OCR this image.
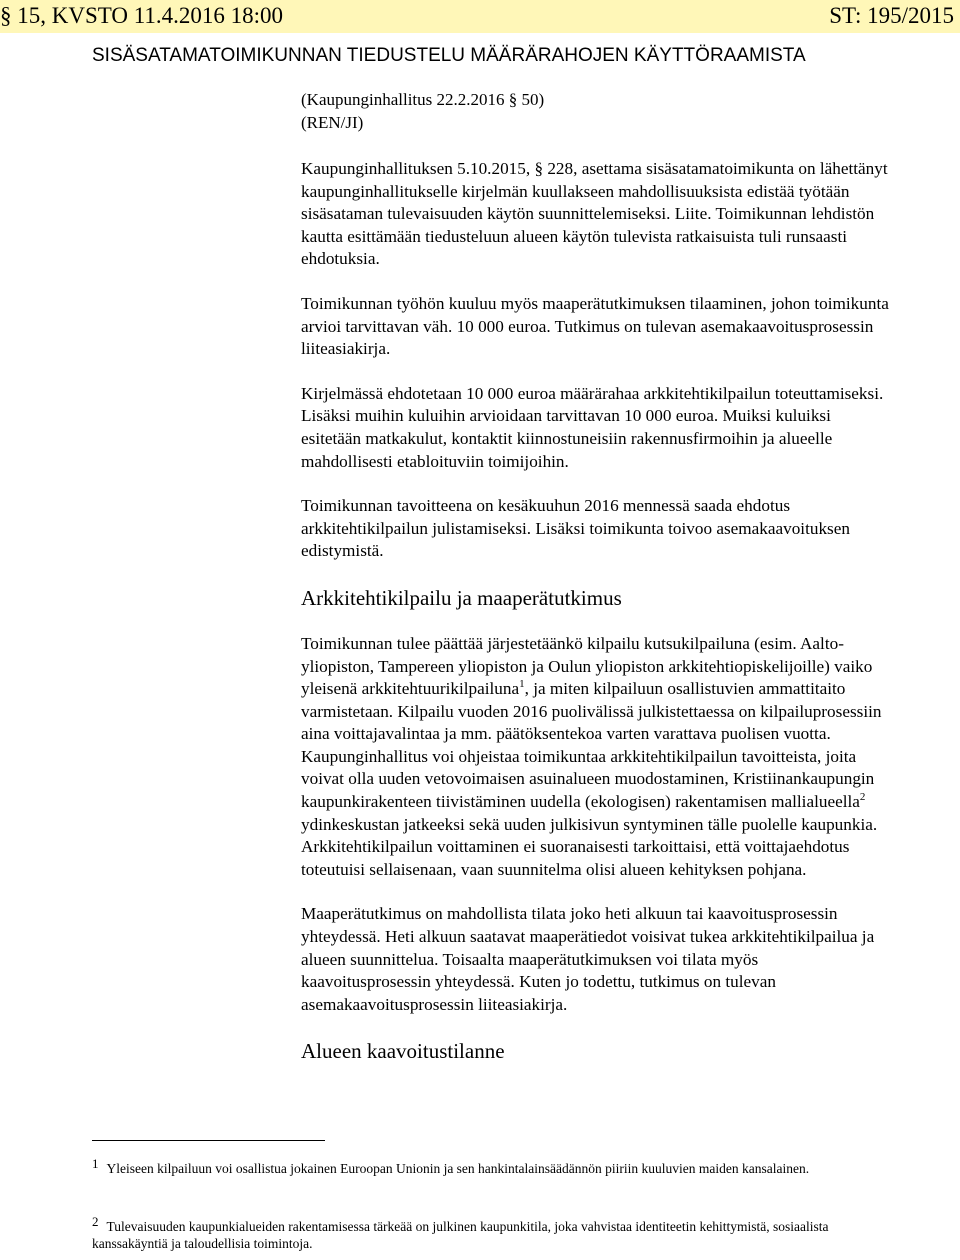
§ 15, KVSTO 11.4.2016 18:00	ST: 195/2015
SISÄSATAMATOIMIKUNNAN TIEDUSTELU MÄÄRÄRAHOJEN KÄYTTÖRAAMISTA
(Kaupunginhallitus 22.2.2016 § 50)
(REN/JI)

Kaupunginhallituksen 5.10.2015, § 228, asettama sisäsatamatoimikunta on lähettänyt kaupunginhallitukselle kirjelmän kuullakseen mahdollisuuksista edistää työtään sisäsataman tulevaisuuden käytön suunnittelemiseksi. Liite. Toimikunnan lehdistön kautta esittämään tiedusteluun alueen käytön tulevista ratkaisuista tuli runsaasti ehdotuksia.

Toimikunnan työhön kuuluu myös maaperätutkimuksen tilaaminen, johon toimikunta arvioi tarvittavan väh. 10 000 euroa. Tutkimus on tulevan asemakaavoitusprosessin liiteasiakirja.

Kirjelmässä ehdotetaan 10 000 euroa määrärahaa arkkitehtikilpailun toteuttamiseksi. Lisäksi muihin kuluihin arvioidaan tarvittavan 10 000 euroa. Muiksi kuluiksi esitetään matkakulut, kontaktit kiinnostuneisiin rakennusfirmoihin ja alueelle mahdollisesti etabloituviin toimijoihin.

Toimikunnan tavoitteena on kesäkuuhun 2016 mennessä saada ehdotus arkkitehtikilpailun julistamiseksi. Lisäksi toimikunta toivoo asemakaavoituksen edistymistä.

Arkkitehtikilpailu ja maaperätutkimus

Toimikunnan tulee päättää järjestetäänkö kilpailu kutsukilpailuna (esim. Aalto-yliopiston, Tampereen yliopiston ja Oulun yliopiston arkkitehtiopiskelijoille) vaiko yleisenä arkkitehtuurikilpailuna$^1$, ja miten kilpailuun osallistuvien ammattitaito varmistetaan. Kilpailu vuoden 2016 puolivälissä julkistettaessa on kilpailuprosessiin aina voittajavalintaa ja mm. päätöksentekoa varten varattava puolisen vuotta.

Kaupunginhallitus voi ohjeistaa toimikuntaa arkkitehtikilpailun tavoitteista, joita voivat olla uuden vetovoimaisen asuinalueen muodostaminen, Kristiinankaupungin kaupunkirakenteen tiivistäminen uudella (ekologisen) rakentamisen mallialueella$^2$ ydinkeskustan jatkeeksi sekä uuden julkisivun syntyminen tälle puolelle kaupunkia. Arkkitehtikilpailun voittaminen ei suoranaisesti tarkoittaisi, että voittajaehdotus toteutuisi sellaisenaan, vaan suunnitelma olisi alueen kehityksen pohjana.

Maaperätutkimus on mahdollista tilata joko heti alkuun tai kaavoitusprosessin yhteydessä. Heti alkuun saatavat maaperätiedot voisivat tukea arkkitehtikilpailua ja alueen suunnittelua. Toisaalta maaperätutkimuksen voi tilata myös kaavoitusprosessin yhteydessä. Kuten jo todettu, tutkimus on tulevan asemakaavoitusprosessin liiteasiakirja.

Alueen kaavoitustilanne
1 Yleiseen kilpailuun voi osallistua jokainen Euroopan Unionin ja sen hankintalainsäädännön piiriin kuuluvien maiden kansalainen.
2 Tulevaisuuden kaupunkialueiden rakentamisessa tärkeää on julkinen kaupunkitila, joka vahvistaa identiteetin kehittymistä, sosiaalista kanssakäyntiä ja taloudellisia toimintoja.
